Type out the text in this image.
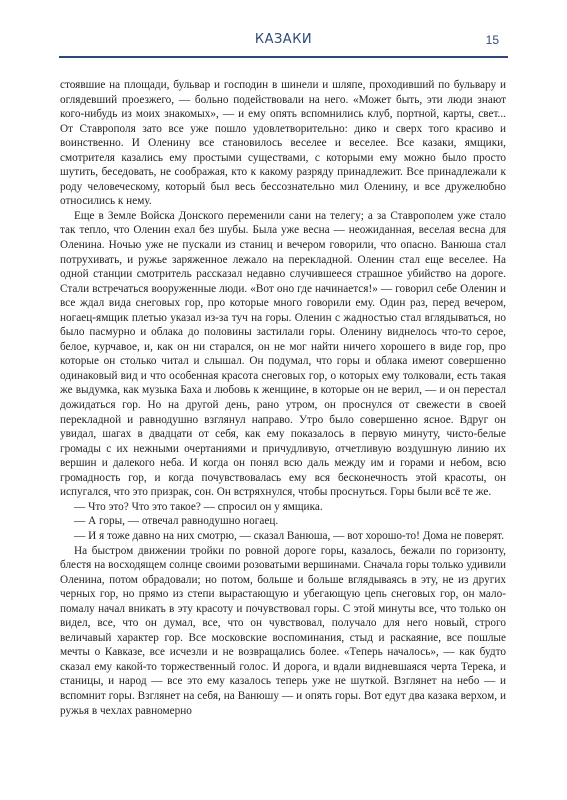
КАЗАКИ	15

стоявшие на площади, бульвар и господин в шинели и шляпе, проходивший по бульвару и оглядевший проезжего, — больно подействовали на него. «Может быть, эти люди знают кого-нибудь из моих знакомых», — и ему опять вспомнились клуб, портной, карты, свет... От Ставрополя зато все уже пошло удовлетворительно: дико и сверх того красиво и воинственно. И Оленину все становилось веселее и веселее. Все казаки, ямщики, смотрителя казались ему простыми существами, с которыми ему можно было просто шутить, беседовать, не соображая, кто к какому разряду принадлежит. Все принадлежали к роду человеческому, который был весь бессознательно мил Оленину, и все дружелюбно относились к нему.

Еще в Земле Войска Донского переменили сани на телегу; а за Ставрополем уже стало так тепло, что Оленин ехал без шубы. Была уже весна — неожиданная, веселая весна для Оленина. Ночью уже не пускали из станиц и вечером говорили, что опасно. Ванюша стал потрухивать, и ружье заряженное лежало на перекладной. Оленин стал еще веселее. На одной станции смотритель рассказал недавно случившееся страшное убийство на дороге. Стали встречаться вооруженные люди. «Вот оно где начинается!» — говорил себе Оленин и все ждал вида снеговых гор, про которые много говорили ему. Один раз, перед вечером, ногаец-ямщик плетью указал из-за туч на горы. Оленин с жадностью стал вглядываться, но было пасмурно и облака до половины застилали горы. Оленину виднелось что-то серое, белое, курчавое, и, как он ни старался, он не мог найти ничего хорошего в виде гор, про которые он столько читал и слышал. Он подумал, что горы и облака имеют совершенно одинаковый вид и что особенная красота снеговых гор, о которых ему толковали, есть такая же выдумка, как музыка Баха и любовь к женщине, в которые он не верил, — и он перестал дожидаться гор. Но на другой день, рано утром, он проснулся от свежести в своей перекладной и равнодушно взглянул направо. Утро было совершенно ясное. Вдруг он увидал, шагах в двадцати от себя, как ему показалось в первую минуту, чисто-белые громады с их нежными очертаниями и причудливую, отчетливую воздушную линию их вершин и далекого неба. И когда он понял всю даль между им и горами и небом, всю громадность гор, и когда почувствовалась ему вся бесконечность этой красоты, он испугался, что это призрак, сон. Он встряхнулся, чтобы проснуться. Горы были всё те же.

— Что это? Что это такое? — спросил он у ямщика.

— А горы, — отвечал равнодушно ногаец.

— И я тоже давно на них смотрю, — сказал Ванюша, — вот хорошо-то! Дома не поверят.

На быстром движении тройки по ровной дороге горы, казалось, бежали по горизонту, блестя на восходящем солнце своими розоватыми вершинами. Сначала горы только удивили Оленина, потом обрадовали; но потом, больше и больше вглядываясь в эту, не из других черных гор, но прямо из степи вырастающую и убегающую цепь снеговых гор, он мало-помалу начал вникать в эту красоту и почувствовал горы. С этой минуты все, что только он видел, все, что он думал, все, что он чувствовал, получало для него новый, строго величавый характер гор. Все московские воспоминания, стыд и раскаяние, все пошлые мечты о Кавказе, все исчезли и не возвращались более. «Теперь началось», — как будто сказал ему какой-то торжественный голос. И дорога, и вдали видневшаяся черта Терека, и станицы, и народ — все это ему казалось теперь уже не шуткой. Взглянет на небо — и вспомнит горы. Взглянет на себя, на Ванюшу — и опять горы. Вот едут два казака верхом, и ружья в чехлах равномерно
